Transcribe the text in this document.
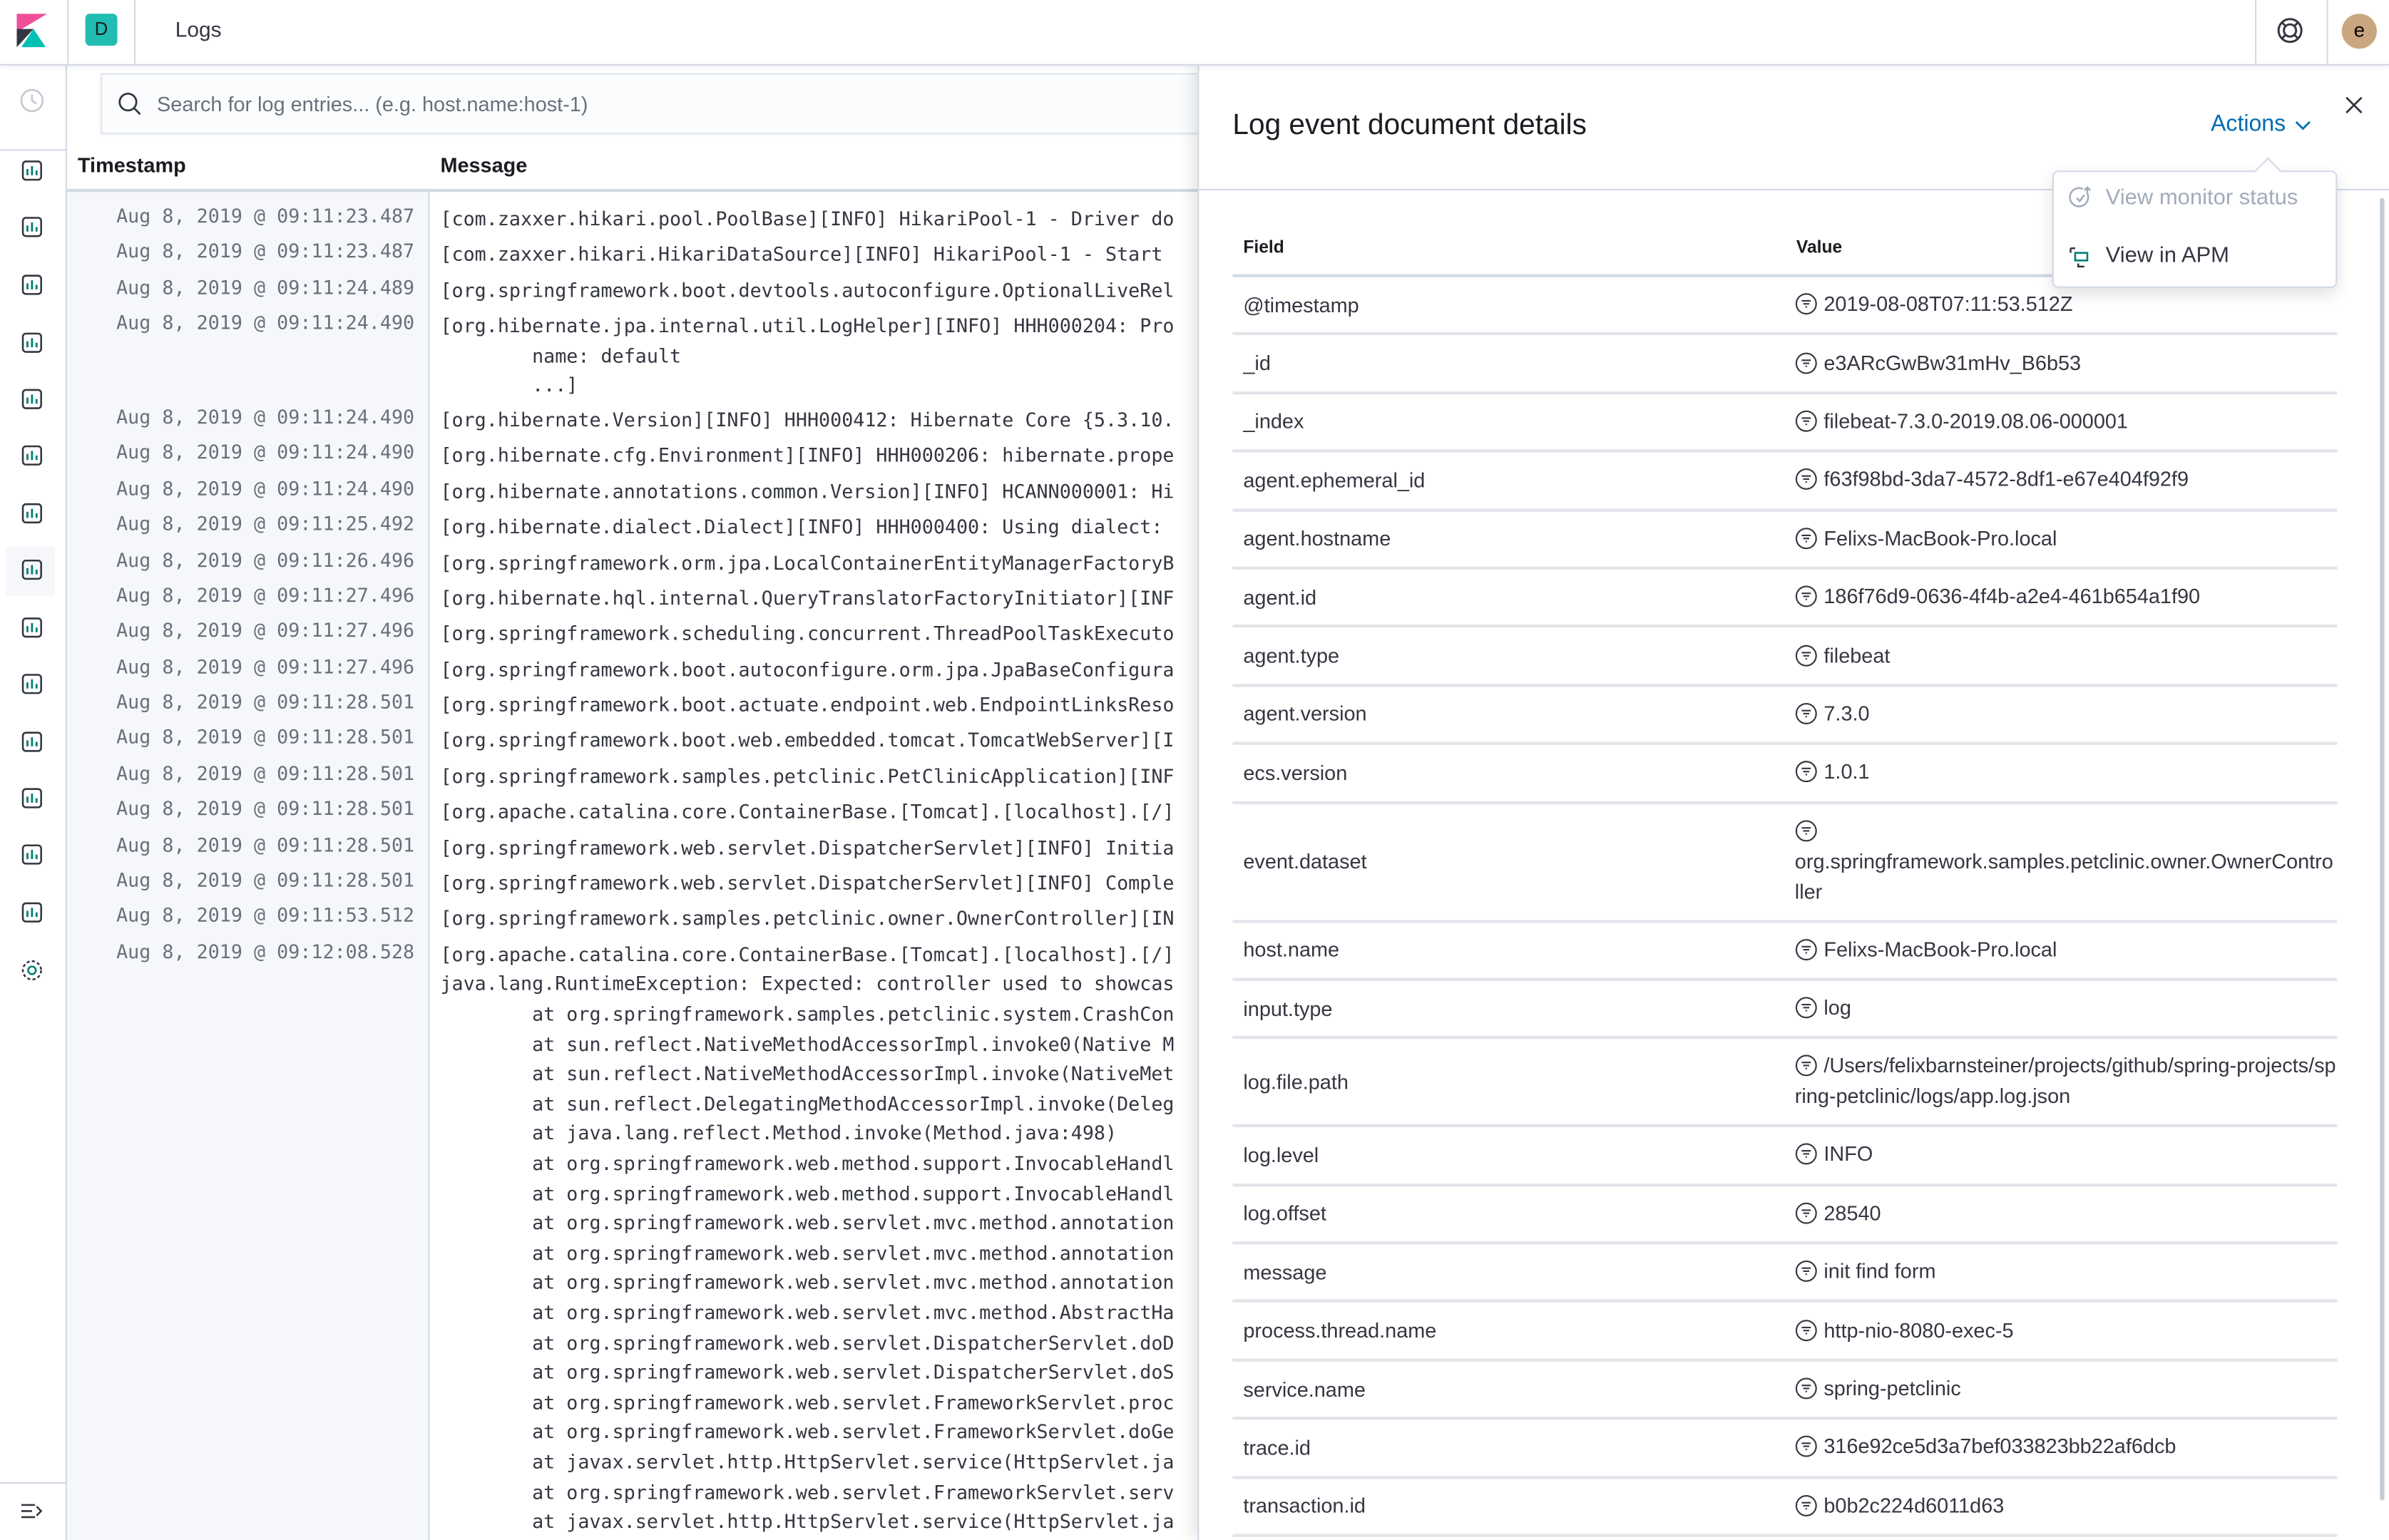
D	Logs	e
Search for log entries... (e.g. host.name:host-1)
Timestamp	Message
Aug 8, 2019 @ 09:11:23.487	[com.zaxxer.hikari.pool.PoolBase][INFO] HikariPool-1 - Driver do
Aug 8, 2019 @ 09:11:23.487	[com.zaxxer.hikari.HikariDataSource][INFO] HikariPool-1 - Start
Aug 8, 2019 @ 09:11:24.489	[org.springframework.boot.devtools.autoconfigure.OptionalLiveRel
Aug 8, 2019 @ 09:11:24.490	[org.hibernate.jpa.internal.util.LogHelper][INFO] HHH000204: Pro
name: default
...]
Aug 8, 2019 @ 09:11:24.490	[org.hibernate.Version][INFO] HHH000412: Hibernate Core {5.3.10.
Aug 8, 2019 @ 09:11:24.490	[org.hibernate.cfg.Environment][INFO] HHH000206: hibernate.prope
Aug 8, 2019 @ 09:11:24.490	[org.hibernate.annotations.common.Version][INFO] HCANN000001: Hi
Aug 8, 2019 @ 09:11:25.492	[org.hibernate.dialect.Dialect][INFO] HHH000400: Using dialect:
Aug 8, 2019 @ 09:11:26.496	[org.springframework.orm.jpa.LocalContainerEntityManagerFactoryB
Aug 8, 2019 @ 09:11:27.496	[org.hibernate.hql.internal.QueryTranslatorFactoryInitiator][INF
Aug 8, 2019 @ 09:11:27.496	[org.springframework.scheduling.concurrent.ThreadPoolTaskExecuto
Aug 8, 2019 @ 09:11:27.496	[org.springframework.boot.autoconfigure.orm.jpa.JpaBaseConfigura
Aug 8, 2019 @ 09:11:28.501	[org.springframework.boot.actuate.endpoint.web.EndpointLinksReso
Aug 8, 2019 @ 09:11:28.501	[org.springframework.boot.web.embedded.tomcat.TomcatWebServer][I
Aug 8, 2019 @ 09:11:28.501	[org.springframework.samples.petclinic.PetClinicApplication][INF
Aug 8, 2019 @ 09:11:28.501	[org.apache.catalina.core.ContainerBase.[Tomcat].[localhost].[/]
Aug 8, 2019 @ 09:11:28.501	[org.springframework.web.servlet.DispatcherServlet][INFO] Initia
Aug 8, 2019 @ 09:11:28.501	[org.springframework.web.servlet.DispatcherServlet][INFO] Comple
Aug 8, 2019 @ 09:11:53.512	[org.springframework.samples.petclinic.owner.OwnerController][IN
Aug 8, 2019 @ 09:12:08.528	[org.apache.catalina.core.ContainerBase.[Tomcat].[localhost].[/]
java.lang.RuntimeException: Expected: controller used to showcas
at org.springframework.samples.petclinic.system.CrashCon
at sun.reflect.NativeMethodAccessorImpl.invoke0(Native M
at sun.reflect.NativeMethodAccessorImpl.invoke(NativeMet
at sun.reflect.DelegatingMethodAccessorImpl.invoke(Deleg
at java.lang.reflect.Method.invoke(Method.java:498)
at org.springframework.web.method.support.InvocableHandl
at org.springframework.web.method.support.InvocableHandl
at org.springframework.web.servlet.mvc.method.annotation
at org.springframework.web.servlet.mvc.method.annotation
at org.springframework.web.servlet.mvc.method.annotation
at org.springframework.web.servlet.mvc.method.AbstractHa
at org.springframework.web.servlet.DispatcherServlet.doD
at org.springframework.web.servlet.DispatcherServlet.doS
at org.springframework.web.servlet.FrameworkServlet.proc
at org.springframework.web.servlet.FrameworkServlet.doGe
at javax.servlet.http.HttpServlet.service(HttpServlet.ja
at org.springframework.web.servlet.FrameworkServlet.serv
at javax.servlet.http.HttpServlet.service(HttpServlet.ja
Log event document details	Actions
View monitor status
View in APM
Field	Value
@timestamp	2019-08-08T07:11:53.512Z
_id	e3ARcGwBw31mHv_B6b53
_index	filebeat-7.3.0-2019.08.06-000001
agent.ephemeral_id	f63f98bd-3da7-4572-8df1-e67e404f92f9
agent.hostname	Felixs-MacBook-Pro.local
agent.id	186f76d9-0636-4f4b-a2e4-461b654a1f90
agent.type	filebeat
agent.version	7.3.0
ecs.version	1.0.1
event.dataset	org.springframework.samples.petclinic.owner.OwnerController
host.name	Felixs-MacBook-Pro.local
input.type	log
log.file.path
/Users/felixbarnsteiner/projects/github/spring-projects/spring-petclinic/logs/app.log.json
log.level	INFO
log.offset	28540
message	init find form
process.thread.name	http-nio-8080-exec-5
service.name	spring-petclinic
trace.id	316e92ce5d3a7bef033823bb22af6dcb
transaction.id	b0b2c224d6011d63
